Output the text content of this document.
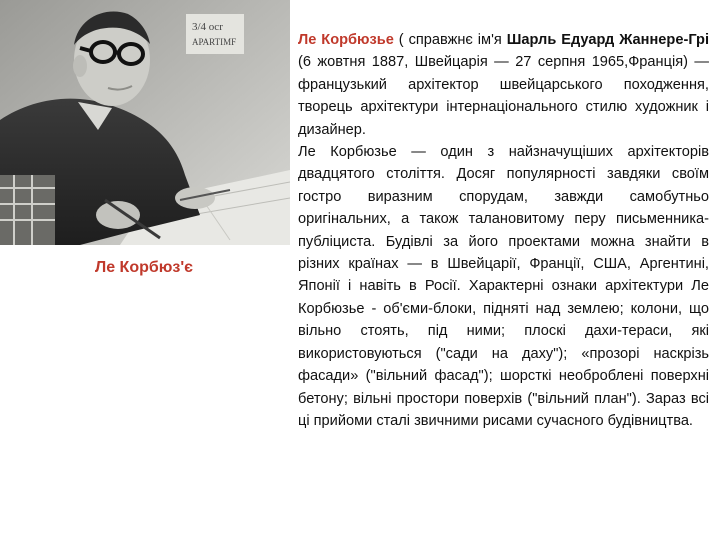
3/4 ocr
APARTIMF
Ле Корбюз'є

Ле Корбюзье ( справжнє ім'я Шарль Едуард Жаннере-Грі (6 жовтня 1887, Швейцарія — 27 серпня 1965,Франція) — французький архітектор швейцарського походження, творець архітектури інтернаціонального стилю художник і дизайнер.

Ле Корбюзье — один з найзначущіших архітекторів двадцятого століття. Досяг популярності завдяки своїм гостро виразним спорудам, завжди самобутньо оригінальних, а також талановитому перу письменника-публіциста. Будівлі за його проектами можна знайти в різних країнах — в Швейцарії, Франції, США, Аргентині, Японії і навіть в Росії. Характерні ознаки архітектури Ле Корбюзье - об'єми-блоки, підняті над землею; колони, що вільно стоять, під ними; плоскі дахи-тераси, які використовуються ("сади на даху"); «прозорі наскрізь фасади» ("вільний фасад"); шорсткі необроблені поверхні бетону; вільні простори поверхів ("вільний план"). Зараз всі ці прийоми сталі звичними рисами сучасного будівництва.
